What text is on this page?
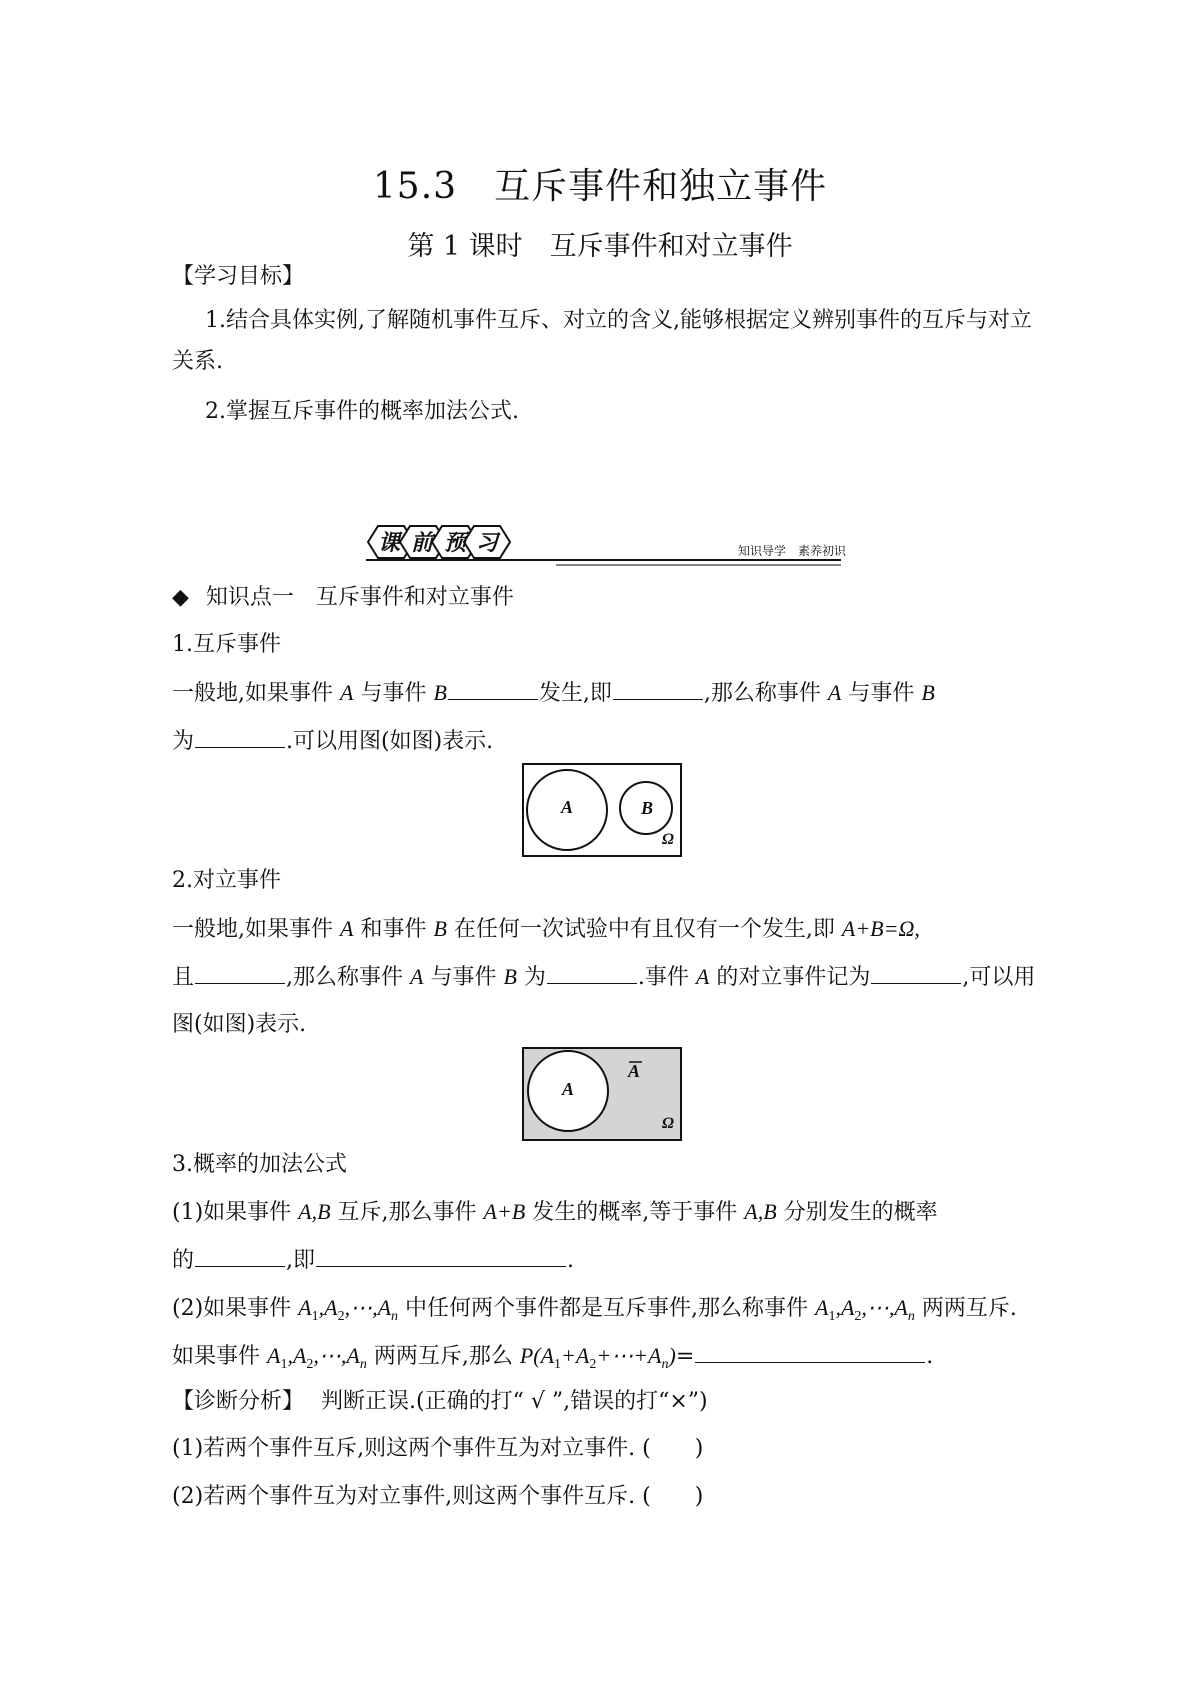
15.3　互斥事件和独立事件
第 1 课时　互斥事件和对立事件
【学习目标】
1.结合具体实例,了解随机事件互斥、对立的含义,能够根据定义辨别事件的互斥与对立
关系.
2.掌握互斥事件的概率加法公式.
课 前 预 习	知识导学　素养初识
◆ 知识点一　互斥事件和对立事件
1.互斥事件
一般地,如果事件 A 与事件 B	发生,即	,那么称事件 A 与事件 B
为	.可以用图(如图)表示.
A	B
Ω
2.对立事件
一般地,如果事件 A 和事件 B 在任何一次试验中有且仅有一个发生,即 A+B=Ω,
且	,那么称事件 A 与事件 B 为	.事件 A 的对立事件记为	,可以用
图(如图)表示.
A
A
Ω
3.概率的加法公式
(1)如果事件 A,B 互斥,那么事件 A+B 发生的概率,等于事件 A,B 分别发生的概率
的	,即	.
(2)如果事件 $A_1,A_2,\cdots,A_n$ 中任何两个事件都是互斥事件,那么称事件 $A_1,A_2,\cdots,A_n$ 两两互斥.
如果事件 $A_1,A_2,\cdots,A_n$ 两两互斥,那么 $P(A_1+A_2+\cdots+A_n)=$	.
【诊断分析】 判断正误.(正确的打“ √ ”,错误的打“×”)
(1)若两个事件互斥,则这两个事件互为对立事件. (　　)
(2)若两个事件互为对立事件,则这两个事件互斥. (　　)
